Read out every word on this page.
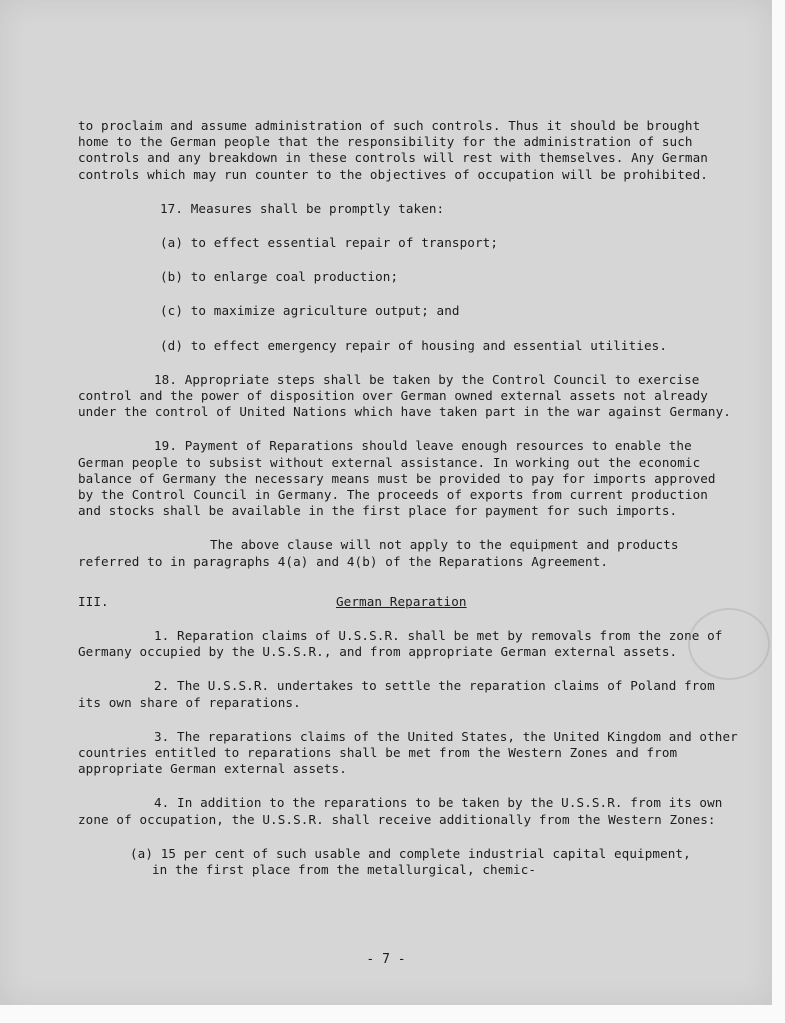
to proclaim and assume administration of such controls. Thus it should be brought home to the German people that the responsibility for the administration of such controls and any breakdown in these controls will rest with themselves. Any German controls which may run counter to the objectives of occupation will be prohibited.

17. Measures shall be promptly taken:

(a) to effect essential repair of transport;

(b) to enlarge coal production;

(c) to maximize agriculture output; and

(d) to effect emergency repair of housing and essential utilities.

18. Appropriate steps shall be taken by the Control Council to exercise control and the power of disposition over German owned external assets not already under the control of United Nations which have taken part in the war against Germany.

19. Payment of Reparations should leave enough resources to enable the German people to subsist without external assistance. In working out the economic balance of Germany the necessary means must be provided to pay for imports approved by the Control Council in Germany. The proceeds of exports from current production and stocks shall be available in the first place for payment for such imports.

The above clause will not apply to the equipment and products referred to in paragraphs 4(a) and 4(b) of the Reparations Agreement.

III.	German Reparation

1. Reparation claims of U.S.S.R. shall be met by removals from the zone of Germany occupied by the U.S.S.R., and from appropriate German external assets.

2. The U.S.S.R. undertakes to settle the reparation claims of Poland from its own share of reparations.

3. The reparations claims of the United States, the United Kingdom and other countries entitled to reparations shall be met from the Western Zones and from appropriate German external assets.

4. In addition to the reparations to be taken by the U.S.S.R. from its own zone of occupation, the U.S.S.R. shall receive additionally from the Western Zones:

(a) 15 per cent of such usable and complete industrial capital equipment, in the first place from the metallurgical, chemic-

- 7 -
